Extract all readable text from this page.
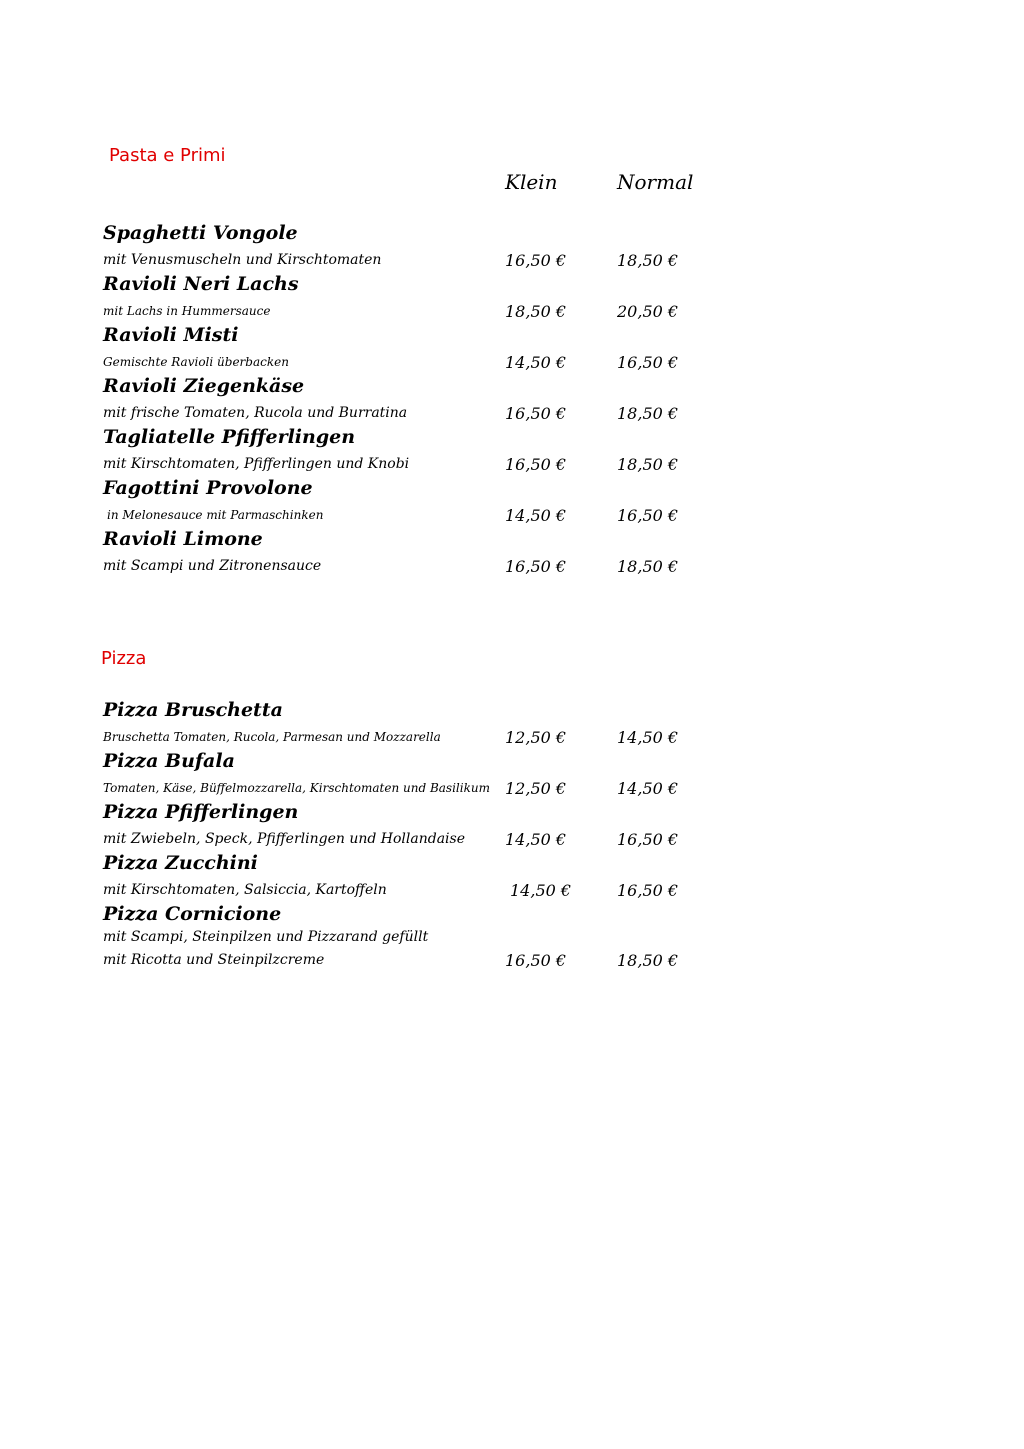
Pasta e Primi
Klein	Normal
Spaghetti Vongole
mit Venusmuscheln und Kirschtomaten	16,50 €	18,50 €
Ravioli Neri Lachs
mit Lachs in Hummersauce	18,50 €	20,50 €
Ravioli Misti
Gemischte Ravioli überbacken	14,50 €	16,50 €
Ravioli Ziegenkäse
mit frische Tomaten, Rucola und Burratina	16,50 €	18,50 €
Tagliatelle Pfifferlingen
mit Kirschtomaten, Pfifferlingen und Knobi	16,50 €	18,50 €
Fagottini Provolone
in Melonesauce mit Parmaschinken	14,50 €	16,50 €
Ravioli Limone
mit Scampi und Zitronensauce	16,50 €	18,50 €
Pizza
Pizza Bruschetta
Bruschetta Tomaten, Rucola, Parmesan und Mozzarella	12,50 €	14,50 €
Pizza Bufala
Tomaten, Käse, Büffelmozzarella, Kirschtomaten und Basilikum 12,50 €	14,50 €
Pizza Pfifferlingen
mit Zwiebeln, Speck, Pfifferlingen und Hollandaise 14,50 €	16,50 €
Pizza Zucchini
mit Kirschtomaten, Salsiccia, Kartoffeln	14,50 €	16,50 €
Pizza Cornicione
mit Scampi, Steinpilzen und Pizzarand gefüllt
mit Ricotta und Steinpilzcreme	16,50 €	18,50 €
